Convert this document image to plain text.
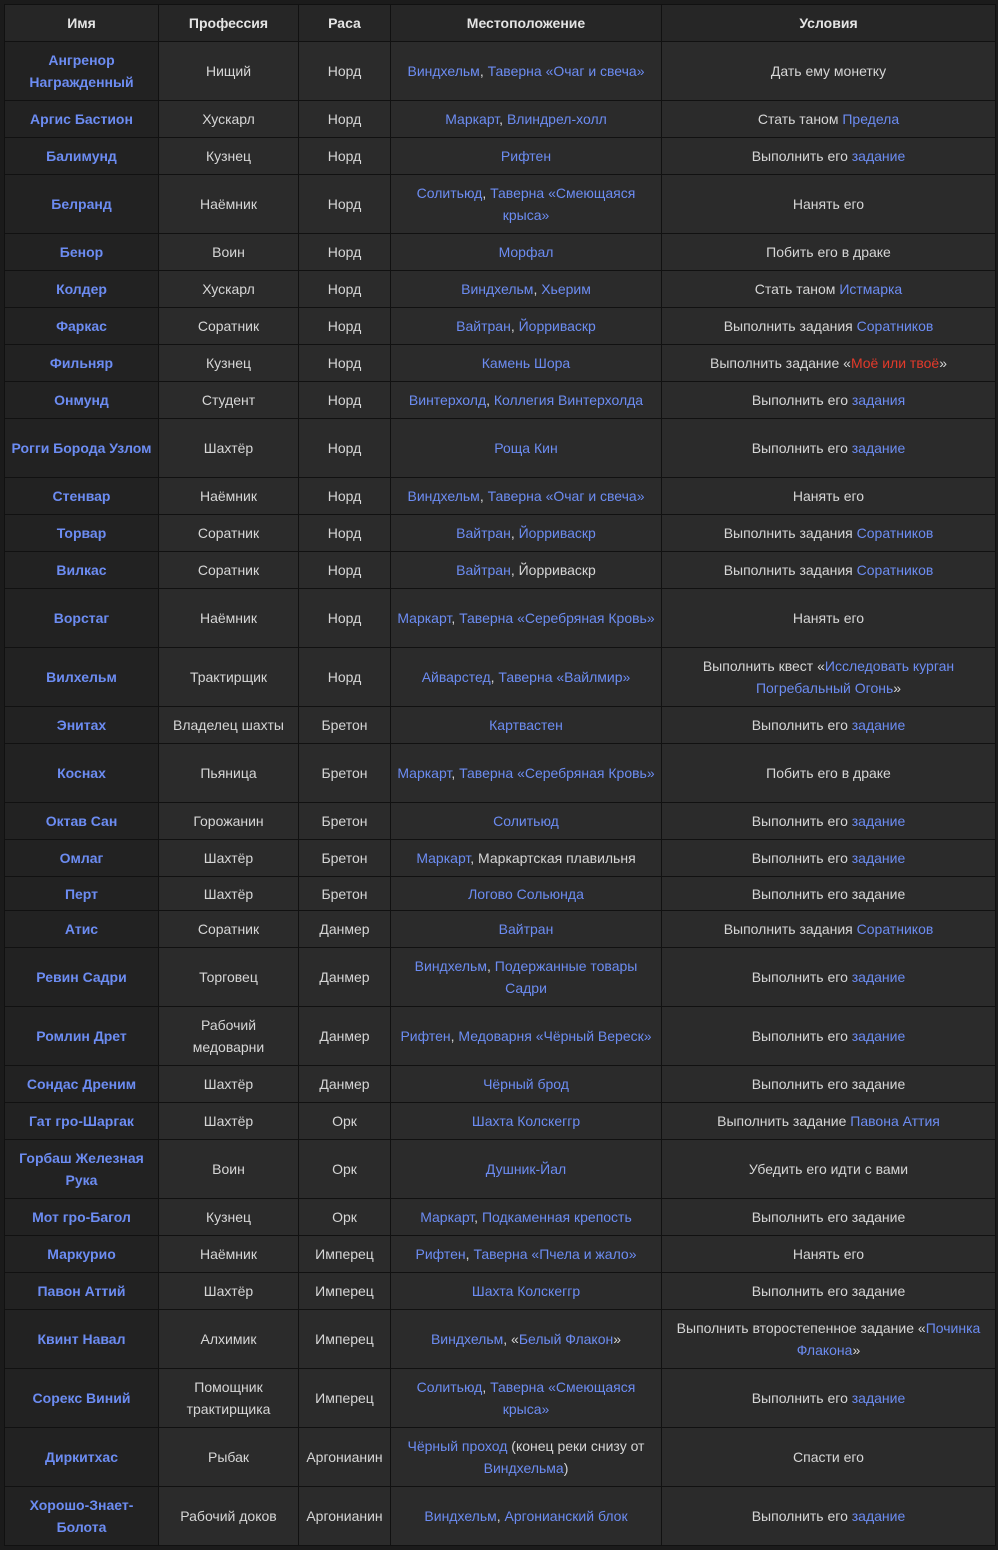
Имя	Профессия	Раса	Местоположение	Условия
Ангренор Награжденный	Нищий	Норд	Виндхельм, Таверна «Очаг и свеча»	Дать ему монетку
Аргис Бастион	Хускарл	Норд	Маркарт, Влиндрел-холл	Стать таном Предела
Балимунд	Кузнец	Норд	Рифтен	Выполнить его задание
Белранд	Наёмник	Норд	Солитьюд, Таверна «Смеющаяся крыса»	Нанять его
Бенор	Воин	Норд	Морфал	Побить его в драке
Колдер	Хускарл	Норд	Виндхельм, Хьерим	Стать таном Истмарка
Фаркас	Соратник	Норд	Вайтран, Йорриваскр	Выполнить задания Соратников
Фильняр	Кузнец	Норд	Камень Шора	Выполнить задание «Моё или твоё»
Онмунд	Студент	Норд	Винтерхолд, Коллегия Винтерхолда	Выполнить его задания
Рогги Борода Узлом	Шахтёр	Норд	Роща Кин	Выполнить его задание
Стенвар	Наёмник	Норд	Виндхельм, Таверна «Очаг и свеча»	Нанять его
Торвар	Соратник	Норд	Вайтран, Йорриваскр	Выполнить задания Соратников
Вилкас	Соратник	Норд	Вайтран, Йорриваскр	Выполнить задания Соратников
Ворстаг	Наёмник	Норд	Маркарт, Таверна «Серебряная Кровь»	Нанять его
Вилхельм	Трактирщик	Норд	Айварстед, Таверна «Вайлмир»	Выполнить квест «Исследовать курган Погребальный Огонь»
Энитах	Владелец шахты	Бретон	Картвастен	Выполнить его задание
Коснах	Пьяница	Бретон	Маркарт, Таверна «Серебряная Кровь»	Побить его в драке
Октав Сан	Горожанин	Бретон	Солитьюд	Выполнить его задание
Омлаг	Шахтёр	Бретон	Маркарт, Маркартская плавильня	Выполнить его задание
Перт	Шахтёр	Бретон	Логово Сольюнда	Выполнить его задание
Атис	Соратник	Данмер	Вайтран	Выполнить задания Соратников
Ревин Садри	Торговец	Данмер	Виндхельм, Подержанные товары Садри	Выполнить его задание
Ромлин Дрет	Рабочий медоварни	Данмер	Рифтен, Медоварня «Чёрный Вереск»	Выполнить его задание
Сондас Дреним	Шахтёр	Данмер	Чёрный брод	Выполнить его задание
Гат гро-Шаргак	Шахтёр	Орк	Шахта Колскеггр	Выполнить задание Павона Аттия
Горбаш Железная Рука	Воин	Орк	Душник-Йал	Убедить его идти с вами
Мот гро-Багол	Кузнец	Орк	Маркарт, Подкаменная крепость	Выполнить его задание
Маркурио	Наёмник	Имперец	Рифтен, Таверна «Пчела и жало»	Нанять его
Павон Аттий	Шахтёр	Имперец	Шахта Колскеггр	Выполнить его задание
Квинт Навал	Алхимик	Имперец	Виндхельм, «Белый Флакон»	Выполнить второстепенное задание «Починка Флакона»
Сорекс Виний	Помощник трактирщика	Имперец	Солитьюд, Таверна «Смеющаяся крыса»	Выполнить его задание
Диркитхас	Рыбак	Аргонианин	Чёрный проход (конец реки снизу от Виндхельма)	Спасти его
Хорошо-Знает-Болота	Рабочий доков	Аргонианин	Виндхельм, Аргонианский блок	Выполнить его задание
